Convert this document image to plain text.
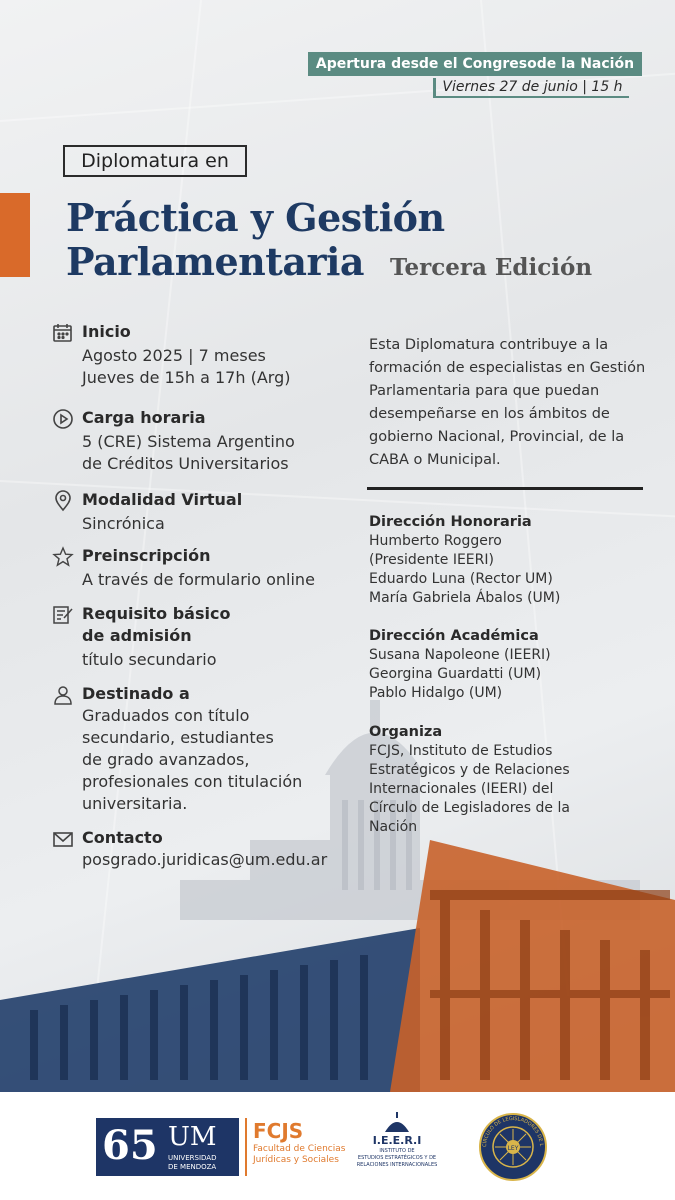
Apertura desde el Congresode la Nación
Viernes 27 de junio | 15 h
Diplomatura en
Práctica y Gestión
Parlamentaria Tercera Edición
Inicio
Agosto 2025 | 7 meses
Jueves de 15h a 17h (Arg)
Carga horaria
5 (CRE) Sistema Argentino
de Créditos Universitarios
Modalidad Virtual
Sincrónica
Preinscripción
A través de formulario online
Requisito básico
de admisión
título secundario
Destinado a
Graduados con título
secundario, estudiantes
de grado avanzados,
profesionales con titulación
universitaria.
Contacto
posgrado.juridicas@um.edu.ar
Esta Diplomatura contribuye a la formación de especialistas en Gestión Parlamentaria para que puedan desempeñarse en los ámbitos de gobierno Nacional, Provincial, de la CABA o Municipal.
Dirección Honoraria
Humberto Roggero
(Presidente IEERI)
Eduardo Luna (Rector UM)
María Gabriela Ábalos (UM)
Dirección Académica
Susana Napoleone (IEERI)
Georgina Guardatti (UM)
Pablo Hidalgo (UM)
Organiza
FCJS, Instituto de Estudios
Estratégicos y de Relaciones
Internacionales (IEERI) del
Círculo de Legisladores de la
Nación
65 UM
UNIVERSIDAD
DE MENDOZA
FCJS
Facultad de Ciencias
Jurídicas y Sociales
I.E.E.R.I
INSTITUTO DE
ESTUDIOS ESTRATÉGICOS Y DE
RELACIONES INTERNACIONALES
LEY
CÍRCULO DE LEGISLADORES DE L
